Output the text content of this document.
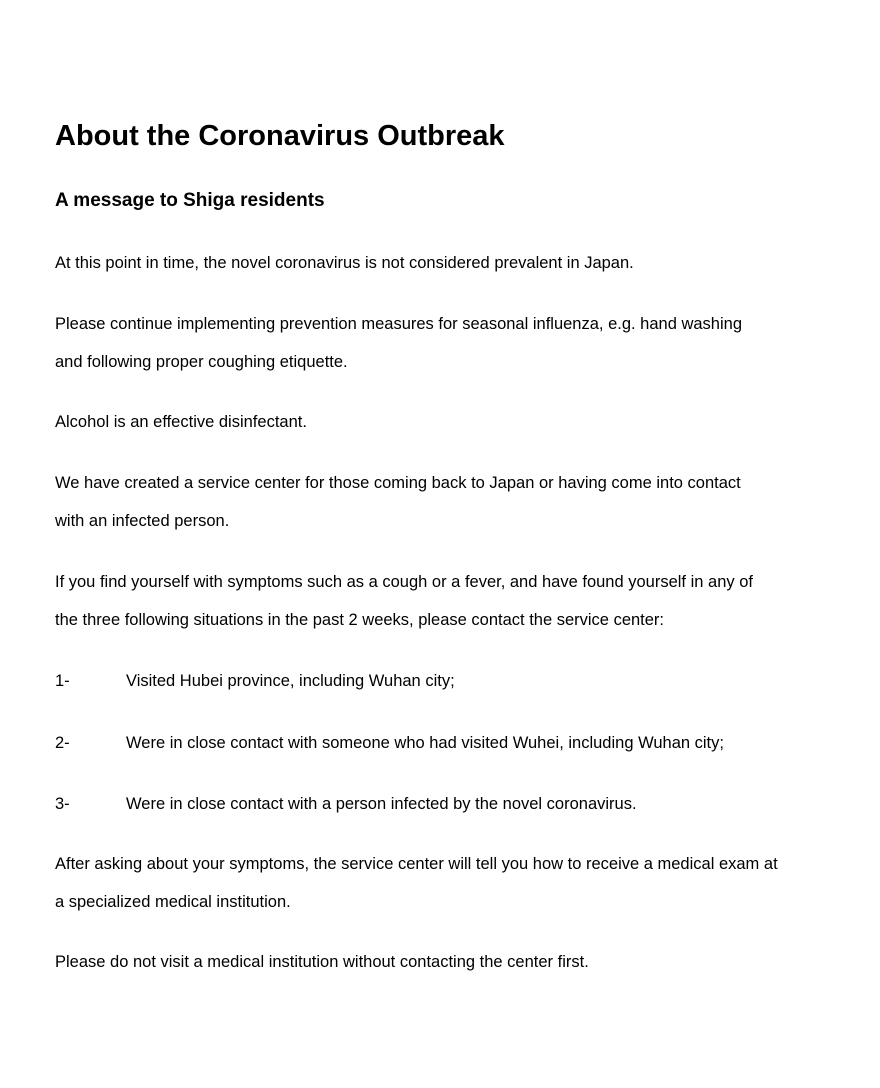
About the Coronavirus Outbreak
A message to Shiga residents

At this point in time, the novel coronavirus is not considered prevalent in Japan.

Please continue implementing prevention measures for seasonal influenza, e.g. hand washing and following proper coughing etiquette.

Alcohol is an effective disinfectant.

We have created a service center for those coming back to Japan or having come into contact with an infected person.

If you find yourself with symptoms such as a cough or a fever, and have found yourself in any of the three following situations in the past 2 weeks, please contact the service center:

1-	Visited Hubei province, including Wuhan city;
2-	Were in close contact with someone who had visited Wuhei, including Wuhan city;
3-	Were in close contact with a person infected by the novel coronavirus.

After asking about your symptoms, the service center will tell you how to receive a medical exam at a specialized medical institution.

Please do not visit a medical institution without contacting the center first.
